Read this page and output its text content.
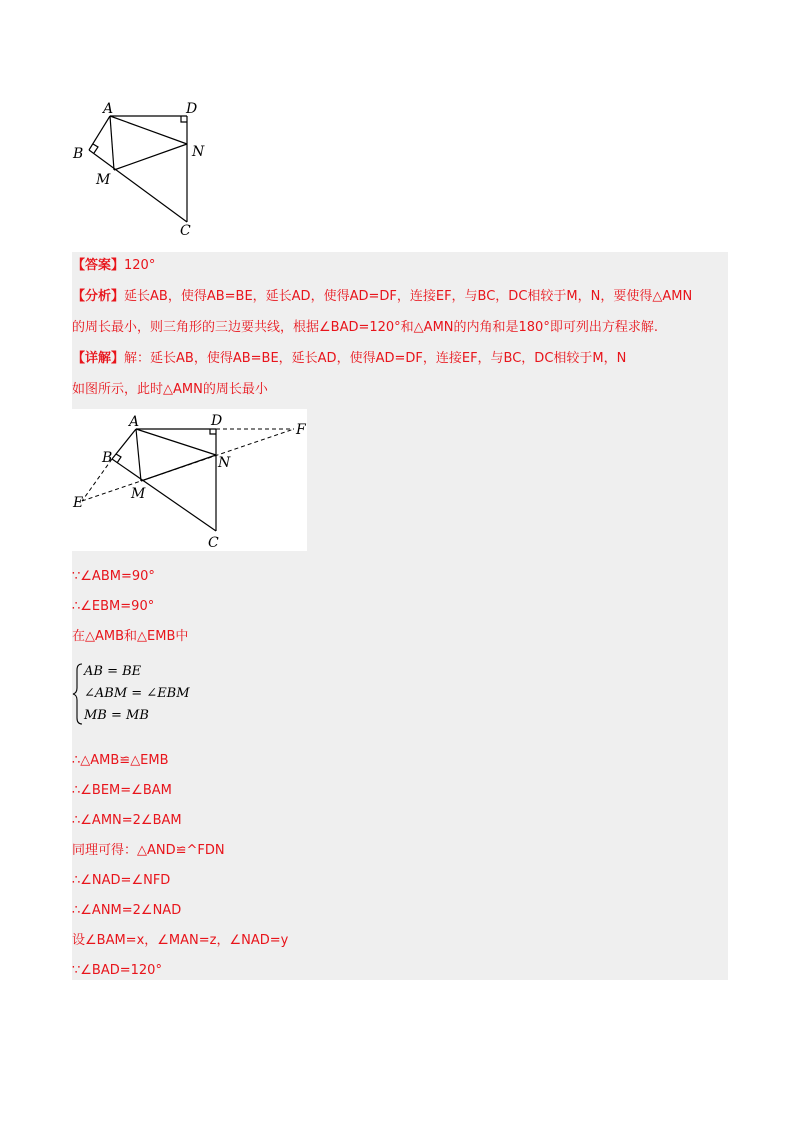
A	D
B	N
M
C
【答案】120°
【分析】延长AB，使得AB=BE，延长AD，使得AD=DF，连接EF，与BC，DC相较于M，N，要使得△AMN
的周长最小，则三角形的三边要共线，根据∠BAD=120°和△AMN的内角和是180°即可列出方程求解.
【详解】解：延长AB，使得AB=BE，延长AD，使得AD=DF，连接EF，与BC，DC相较于M，N
如图所示，此时△AMN的周长最小
A	D
F
B	N
M
E
C
∵∠ABM=90°
∴∠EBM=90°
在△AMB和△EMB中
AB = BE
∠ABM = ∠EBM
MB = MB
∴△AMB≌△EMB
∴∠BEM=∠BAM
∴∠AMN=2∠BAM
同理可得：△AND≌^FDN
∴∠NAD=∠NFD
∴∠ANM=2∠NAD
设∠BAM=x，∠MAN=z，∠NAD=y
∵∠BAD=120°
